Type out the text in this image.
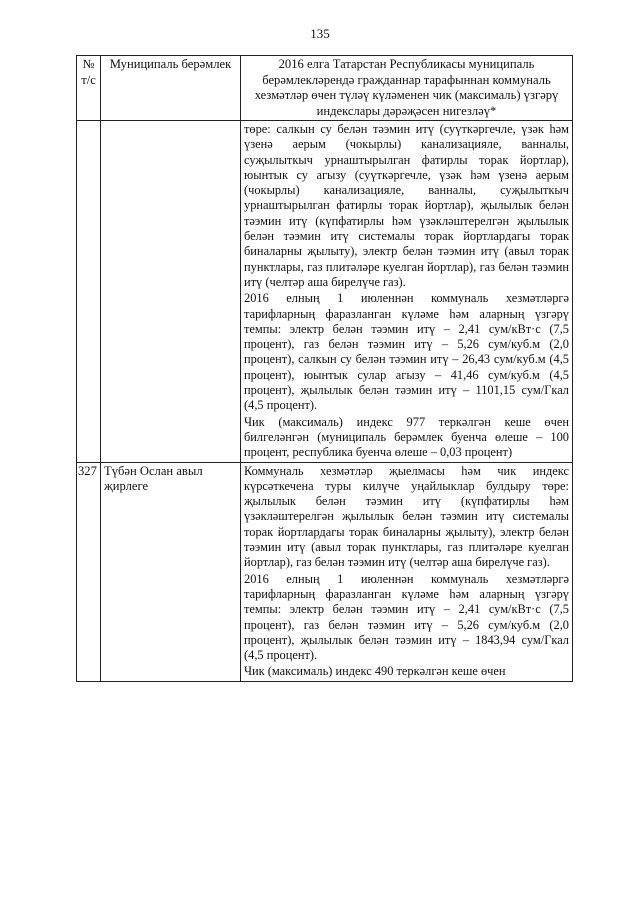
135
№ т/с	Муниципаль берәмлек	2016 елга Татарстан Республикасы муниципаль берәмлекләрендә гражданнар тарафыннан коммуналь хезмәтләр өчен түләү күләменен чик (максималь) үзгәрү индекслары дәрәҗәсен нигезләү*

		төре: салкын су белән тәэмин итү (суүткәргечле, үзәк һәм үзенә аерым (чокырлы) канализацияле, ванналы, суҗылыткыч урнаштырылган фатирлы торак йортлар), юынтык су агызу (суүткәргечле, үзәк һәм үзенә аерым (чокырлы) канализацияле, ванналы, суҗылыткыч урнаштырылган фатирлы торак йортлар), җылылык белән тәэмин итү (күпфатирлы һәм үзәкләштерелгән җылылык белән тәэмин итү системалы торак йортлардагы торак биналарны җылыту), электр белән тәэмин итү (авыл торак пунктлары, газ плитәләре куелган йортлар), газ белән тәэмин итү (челтәр аша бирелүче газ).

2016 елның 1 июленнән коммуналь хезмәтләргә тарифларның фаразланган күләме һәм аларның үзгәрү темпы: электр белән тәэмин итү – 2,41 сум/кВт·с (7,5 процент), газ белән тәэмин итү – 5,26 сум/куб.м (2,0 процент), салкын су белән тәэмин итү – 26,43 сум/куб.м (4,5 процент), юынтык сулар агызу – 41,46 сум/куб.м (4,5 процент), җылылык белән тәэмин итү – 1101,15 сум/Гкал (4,5 процент).

Чик (максималь) индекс 977 теркәлгән кеше өчен билгеләнгән (муниципаль берәмлек буенча өлеше – 100 процент, республика буенча өлеше – 0,03 процент)

327	Түбән Ослан авыл җирлеге	Коммуналь хезмәтләр җыелмасы һәм чик индекс күрсәткечена туры килүче уңайлыклар булдыру төре: җылылык белән тәэмин итү (күпфатирлы һәм үзәкләштерелгән җылылык белән тәэмин итү системалы торак йортлардагы торак биналарны җылыту), электр белән тәэмин итү (авыл торак пунктлары, газ плитәләре куелган йортлар), газ белән тәэмин итү (челтәр аша бирелүче газ).

2016 елның 1 июленнән коммуналь хезмәтләргә тарифларның фаразланган күләме һәм аларның үзгәрү темпы: электр белән тәэмин итү – 2,41 сум/кВт·с (7,5 процент), газ белән тәэмин итү – 5,26 сум/куб.м (2,0 процент), җылылык белән тәэмин итү – 1843,94 сум/Гкал (4,5 процент).

Чик (максималь) индекс 490 теркәлгән кеше өчен
